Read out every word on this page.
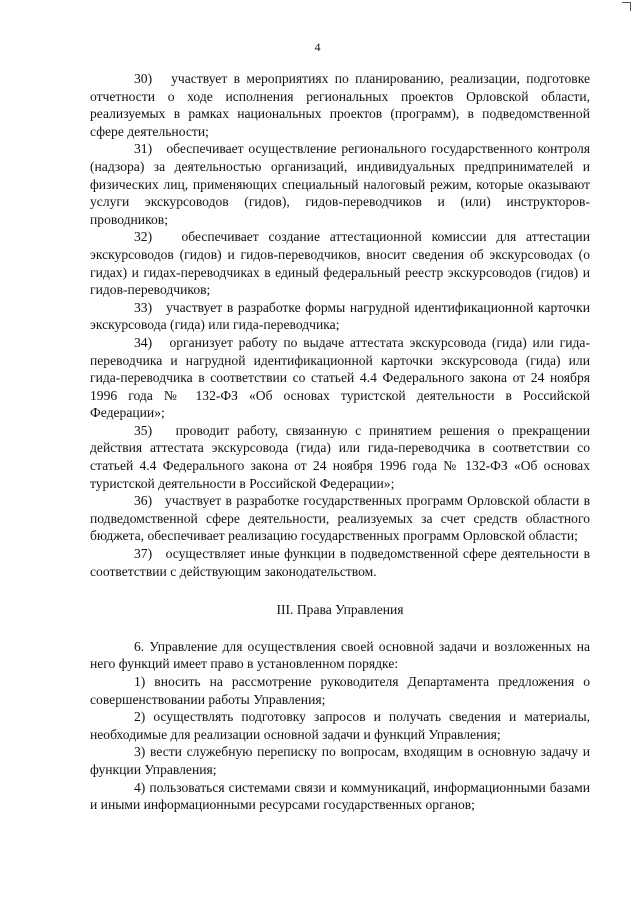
4

30)   участвует в мероприятиях по планированию, реализации, подготовке отчетности о ходе исполнения региональных проектов Орловской области, реализуемых в рамках национальных проектов (программ), в подведомственной сфере деятельности;

31)   обеспечивает осуществление регионального государственного контроля (надзора) за деятельностью организаций, индивидуальных предпринимателей и физических лиц, применяющих специальный налоговый режим, которые оказывают услуги экскурсоводов (гидов), гидов-переводчиков и (или) инструкторов-проводников;

32)   обеспечивает создание аттестационной комиссии для аттестации экскурсоводов (гидов) и гидов-переводчиков, вносит сведения об экскурсоводах (о гидах) и гидах-переводчиках в единый федеральный реестр экскурсоводов (гидов) и гидов-переводчиков;

33)   участвует в разработке формы нагрудной идентификационной карточки экскурсовода (гида) или гида-переводчика;

34)   организует работу по выдаче аттестата экскурсовода (гида) или гида-переводчика и нагрудной идентификационной карточки экскурсовода (гида) или гида-переводчика в соответствии со статьей 4.4 Федерального закона от 24 ноября 1996 года № 132-ФЗ «Об основах туристской деятельности в Российской Федерации»;

35)   проводит работу, связанную с принятием решения о прекращении действия аттестата экскурсовода (гида) или гида-переводчика в соответствии со статьей 4.4 Федерального закона от 24 ноября 1996 года № 132-ФЗ «Об основах туристской деятельности в Российской Федерации»;

36)   участвует в разработке государственных программ Орловской области в подведомственной сфере деятельности, реализуемых за счет средств областного бюджета, обеспечивает реализацию государственных программ Орловской области;

37)   осуществляет иные функции в подведомственной сфере деятельности в соответствии с действующим законодательством.

III. Права Управления

6. Управление для осуществления своей основной задачи и возложенных на него функций имеет право в установленном порядке:

1) вносить на рассмотрение руководителя Департамента предложения о совершенствовании работы Управления;

2) осуществлять подготовку запросов и получать сведения и материалы, необходимые для реализации основной задачи и функций Управления;

3) вести служебную переписку по вопросам, входящим в основную задачу и функции Управления;

4) пользоваться системами связи и коммуникаций, информационными базами и иными информационными ресурсами государственных органов;
